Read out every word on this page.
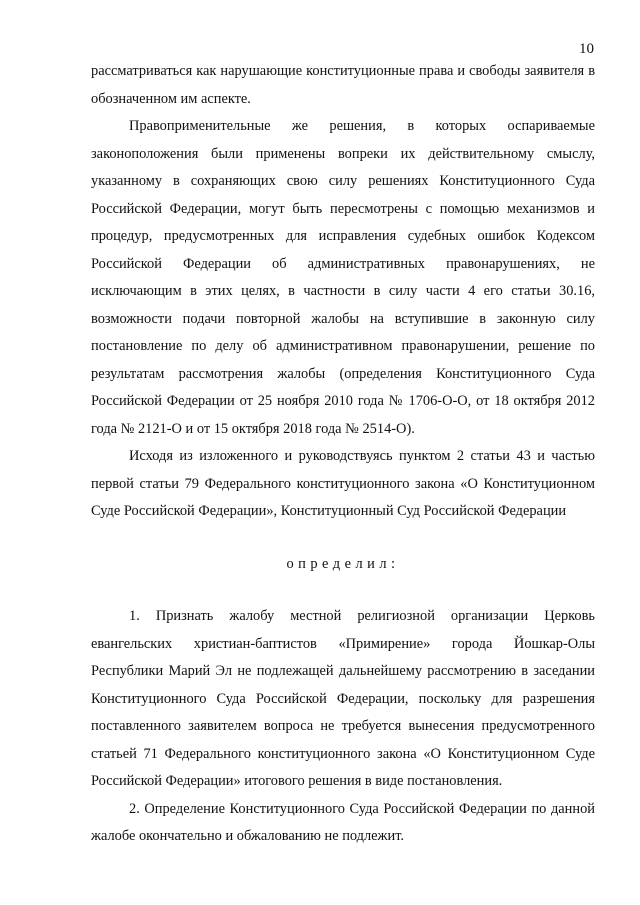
10

рассматриваться как нарушающие конституционные права и свободы заявителя в обозначенном им аспекте.

Правоприменительные же решения, в которых оспариваемые законоположения были применены вопреки их действительному смыслу, указанному в сохраняющих свою силу решениях Конституционного Суда Российской Федерации, могут быть пересмотрены с помощью механизмов и процедур, предусмотренных для исправления судебных ошибок Кодексом Российской Федерации об административных правонарушениях, не исключающим в этих целях, в частности в силу части 4 его статьи 30.16, возможности подачи повторной жалобы на вступившие в законную силу постановление по делу об административном правонарушении, решение по результатам рассмотрения жалобы (определения Конституционного Суда Российской Федерации от 25 ноября 2010 года № 1706-О-О, от 18 октября 2012 года № 2121-О и от 15 октября 2018 года № 2514-О).

Исходя из изложенного и руководствуясь пунктом 2 статьи 43 и частью первой статьи 79 Федерального конституционного закона «О Конституционном Суде Российской Федерации», Конституционный Суд Российской Федерации

определил:

1. Признать жалобу местной религиозной организации Церковь евангельских христиан-баптистов «Примирение» города Йошкар-Олы Республики Марий Эл не подлежащей дальнейшему рассмотрению в заседании Конституционного Суда Российской Федерации, поскольку для разрешения поставленного заявителем вопроса не требуется вынесения предусмотренного статьей 71 Федерального конституционного закона «О Конституционном Суде Российской Федерации» итогового решения в виде постановления.

2. Определение Конституционного Суда Российской Федерации по данной жалобе окончательно и обжалованию не подлежит.
